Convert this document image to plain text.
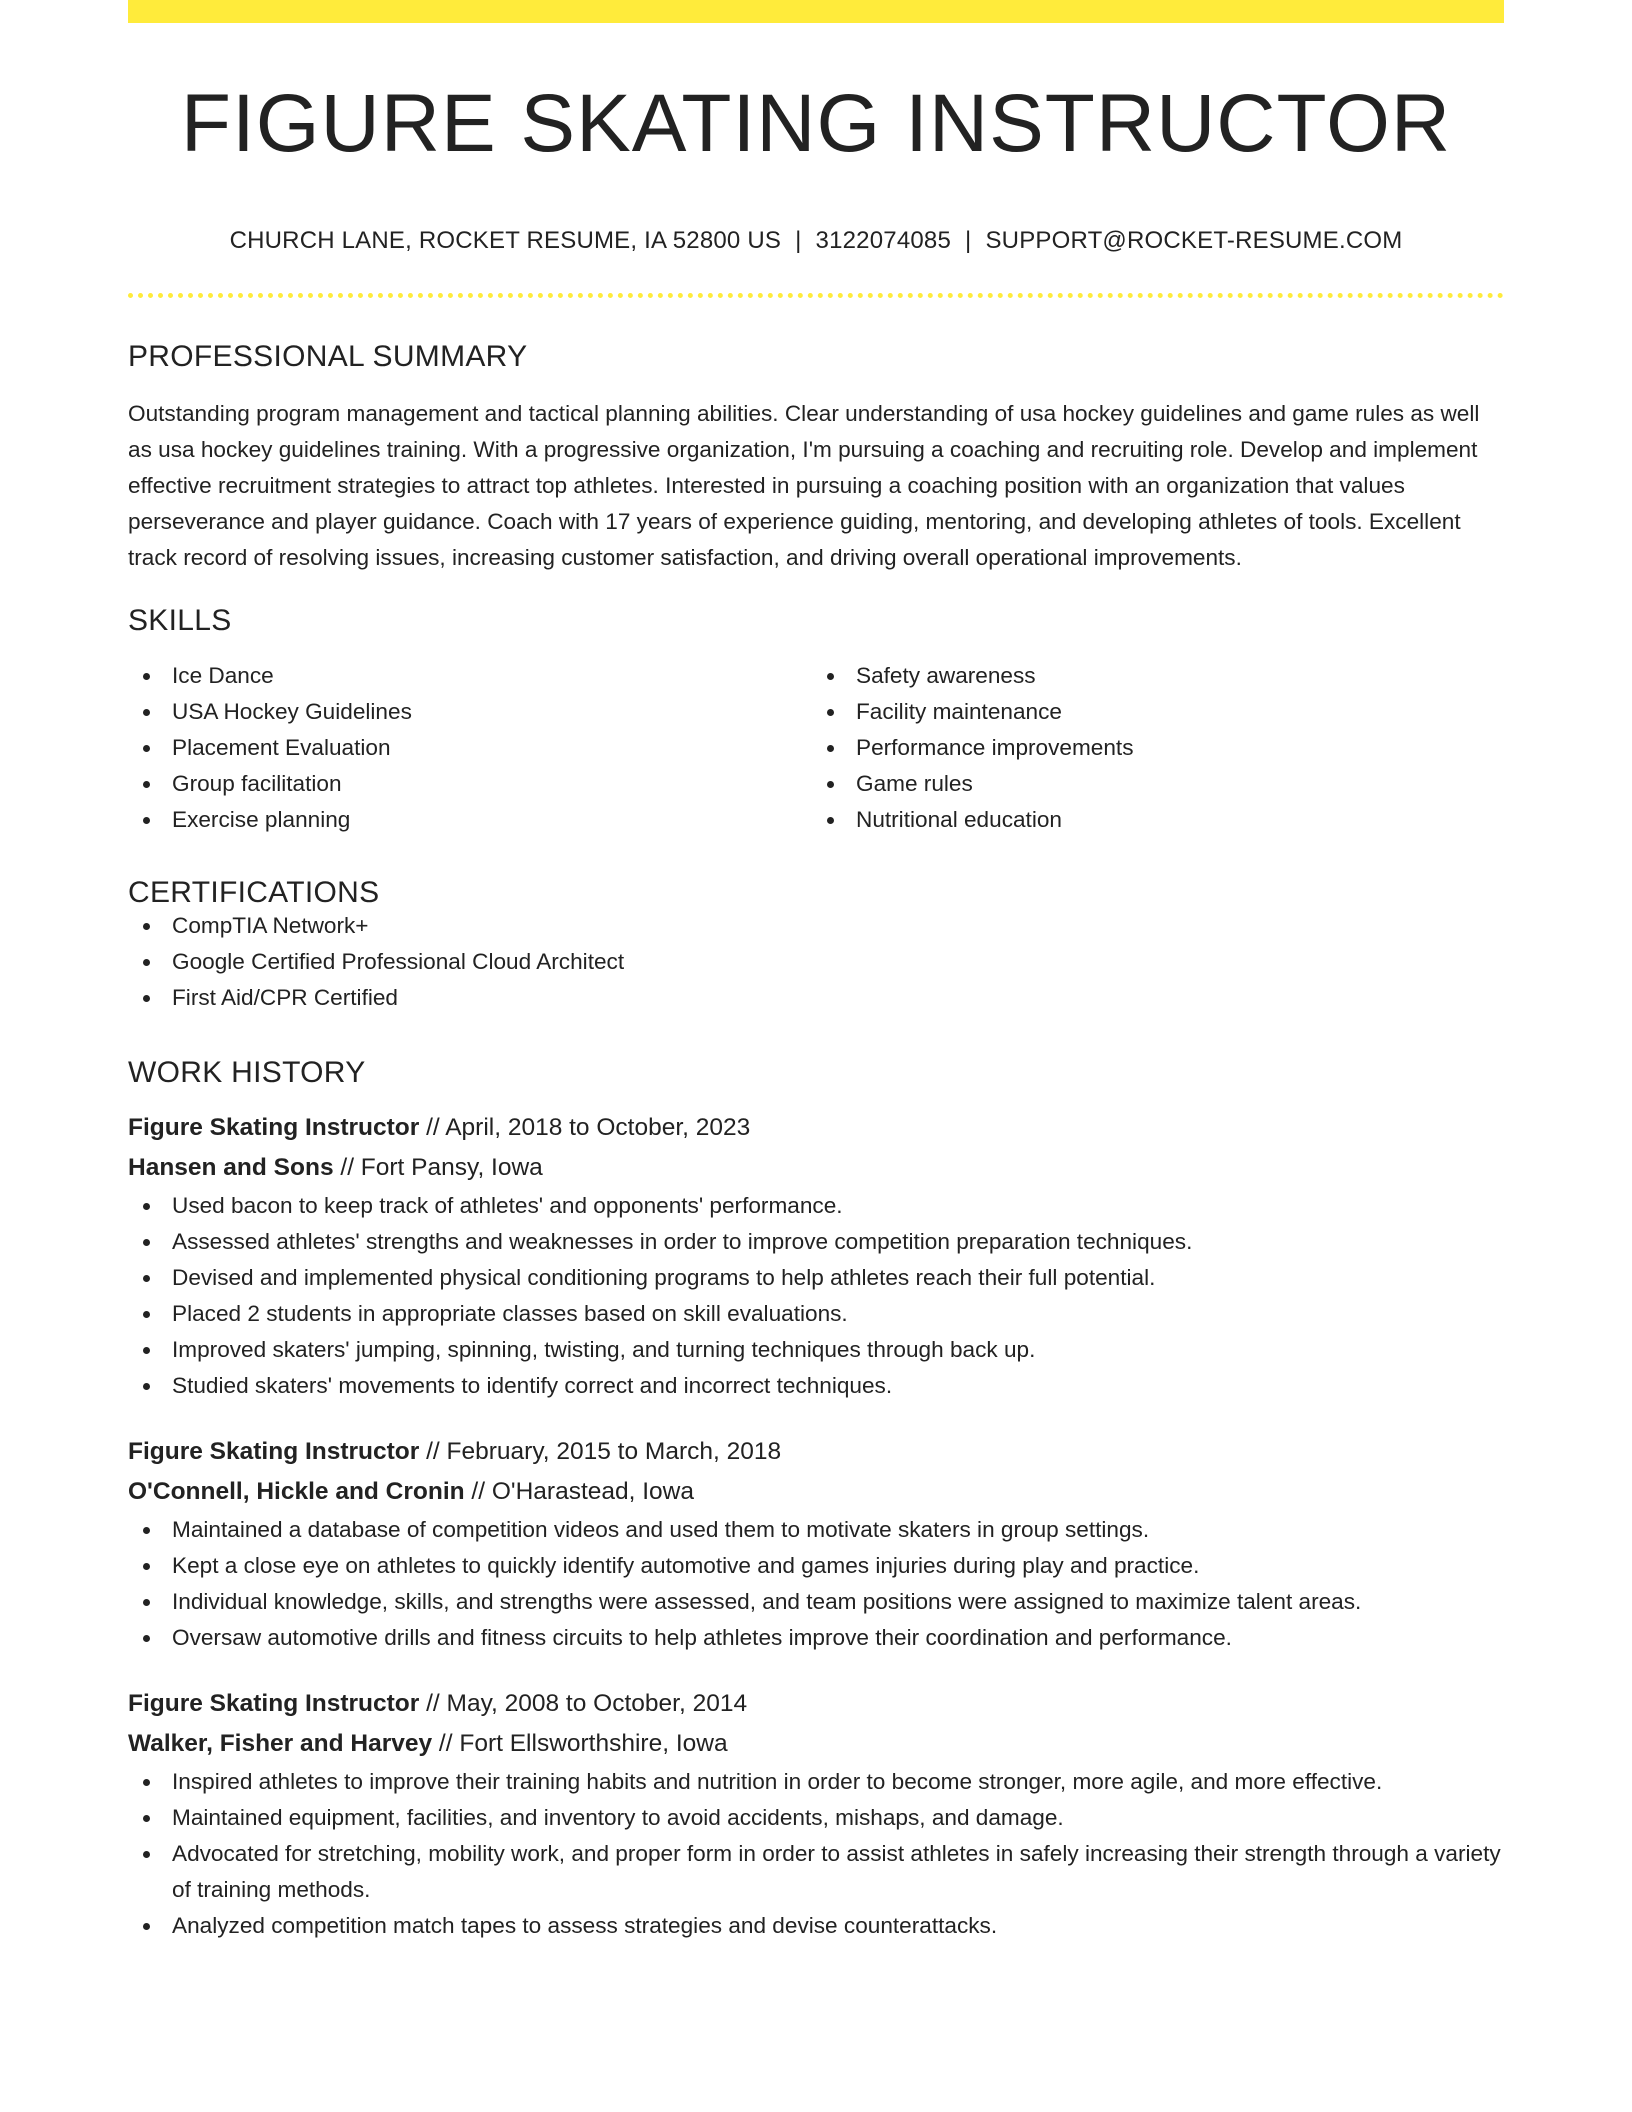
FIGURE SKATING INSTRUCTOR
CHURCH LANE, ROCKET RESUME, IA 52800 US | 3122074085 | SUPPORT@ROCKET-RESUME.COM
PROFESSIONAL SUMMARY

Outstanding program management and tactical planning abilities. Clear understanding of usa hockey guidelines and game rules as well as usa hockey guidelines training. With a progressive organization, I'm pursuing a coaching and recruiting role. Develop and implement effective recruitment strategies to attract top athletes. Interested in pursuing a coaching position with an organization that values perseverance and player guidance. Coach with 17 years of experience guiding, mentoring, and developing athletes of tools. Excellent track record of resolving issues, increasing customer satisfaction, and driving overall operational improvements.

SKILLS
Ice Dance
USA Hockey Guidelines
Placement Evaluation
Group facilitation
Exercise planning
Safety awareness
Facility maintenance
Performance improvements
Game rules
Nutritional education
CERTIFICATIONS
CompTIA Network+
Google Certified Professional Cloud Architect
First Aid/CPR Certified
WORK HISTORY
Figure Skating Instructor // April, 2018 to October, 2023
Hansen and Sons // Fort Pansy, Iowa
Used bacon to keep track of athletes' and opponents' performance.
Assessed athletes' strengths and weaknesses in order to improve competition preparation techniques.
Devised and implemented physical conditioning programs to help athletes reach their full potential.
Placed 2 students in appropriate classes based on skill evaluations.
Improved skaters' jumping, spinning, twisting, and turning techniques through back up.
Studied skaters' movements to identify correct and incorrect techniques.
Figure Skating Instructor // February, 2015 to March, 2018
O'Connell, Hickle and Cronin // O'Harastead, Iowa
Maintained a database of competition videos and used them to motivate skaters in group settings.
Kept a close eye on athletes to quickly identify automotive and games injuries during play and practice.
Individual knowledge, skills, and strengths were assessed, and team positions were assigned to maximize talent areas.
Oversaw automotive drills and fitness circuits to help athletes improve their coordination and performance.
Figure Skating Instructor // May, 2008 to October, 2014
Walker, Fisher and Harvey // Fort Ellsworthshire, Iowa
Inspired athletes to improve their training habits and nutrition in order to become stronger, more agile, and more effective.
Maintained equipment, facilities, and inventory to avoid accidents, mishaps, and damage.
Advocated for stretching, mobility work, and proper form in order to assist athletes in safely increasing their strength through a variety of training methods.
Analyzed competition match tapes to assess strategies and devise counterattacks.
